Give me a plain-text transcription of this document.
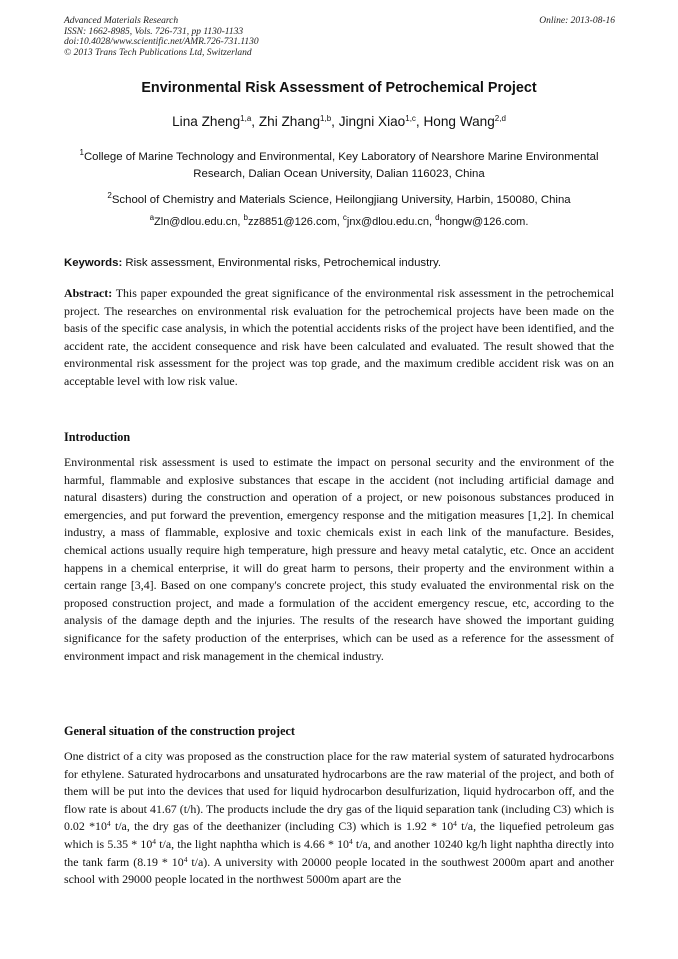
Advanced Materials Research
ISSN: 1662-8985, Vols. 726-731, pp 1130-1133
doi:10.4028/www.scientific.net/AMR.726-731.1130
© 2013 Trans Tech Publications Ltd, Switzerland
Online: 2013-08-16
Environmental Risk Assessment of Petrochemical Project
Lina Zheng$^{1,a}$, Zhi Zhang$^{1,b}$, Jingni Xiao$^{1,c}$, Hong Wang$^{2,d}$
$^1$College of Marine Technology and Environmental, Key Laboratory of Nearshore Marine Environmental Research, Dalian Ocean University, Dalian 116023, China
$^2$School of Chemistry and Materials Science, Heilongjiang University, Harbin, 150080, China
$^a$Zln@dlou.edu.cn, $^b$zz8851@126.com, $^c$jnx@dlou.edu.cn, $^d$hongw@126.com.
Keywords: Risk assessment, Environmental risks, Petrochemical industry.
Abstract: This paper expounded the great significance of the environmental risk assessment in the petrochemical project. The researches on environmental risk evaluation for the petrochemical projects have been made on the basis of the specific case analysis, in which the potential accidents risks of the project have been identified, and the accident rate, the accident consequence and risk have been calculated and evaluated. The result showed that the environmental risk assessment for the project was top grade, and the maximum credible accident risk was on an acceptable level with low risk value.
Introduction
Environmental risk assessment is used to estimate the impact on personal security and the environment of the harmful, flammable and explosive substances that escape in the accident (not including artificial damage and natural disasters) during the construction and operation of a project, or new poisonous substances produced in emergencies, and put forward the prevention, emergency response and the mitigation measures [1,2]. In chemical industry, a mass of flammable, explosive and toxic chemicals exist in each link of the manufacture. Besides, chemical actions usually require high temperature, high pressure and heavy metal catalytic, etc. Once an accident happens in a chemical enterprise, it will do great harm to persons, their property and the environment within a certain range [3,4]. Based on one company's concrete project, this study evaluated the environmental risk on the proposed construction project, and made a formulation of the accident emergency rescue, etc, according to the analysis of the damage depth and the injuries. The results of the research have showed the important guiding significance for the safety production of the enterprises, which can be used as a reference for the assessment of environment impact and risk management in the chemical industry.
General situation of the construction project
One district of a city was proposed as the construction place for the raw material system of saturated hydrocarbons for ethylene. Saturated hydrocarbons and unsaturated hydrocarbons are the raw material of the project, and both of them will be put into the devices that used for liquid hydrocarbon desulfurization, liquid hydrocarbon off, and the flow rate is about 41.67 (t/h). The products include the dry gas of the liquid separation tank (including C3) which is 0.02 $*10^4$ t/a, the dry gas of the deethanizer (including C3) which is $1.92 * 10^4$ t/a, the liquefied petroleum gas which is $5.35 * 10^4$ t/a, the light naphtha which is $4.66 * 10^4$ t/a, and another 10240 kg/h light naphtha directly into the tank farm ($8.19 * 10^4$ t/a). A university with 20000 people located in the southwest 2000m apart and another school with 29000 people located in the northwest 5000m apart are the
